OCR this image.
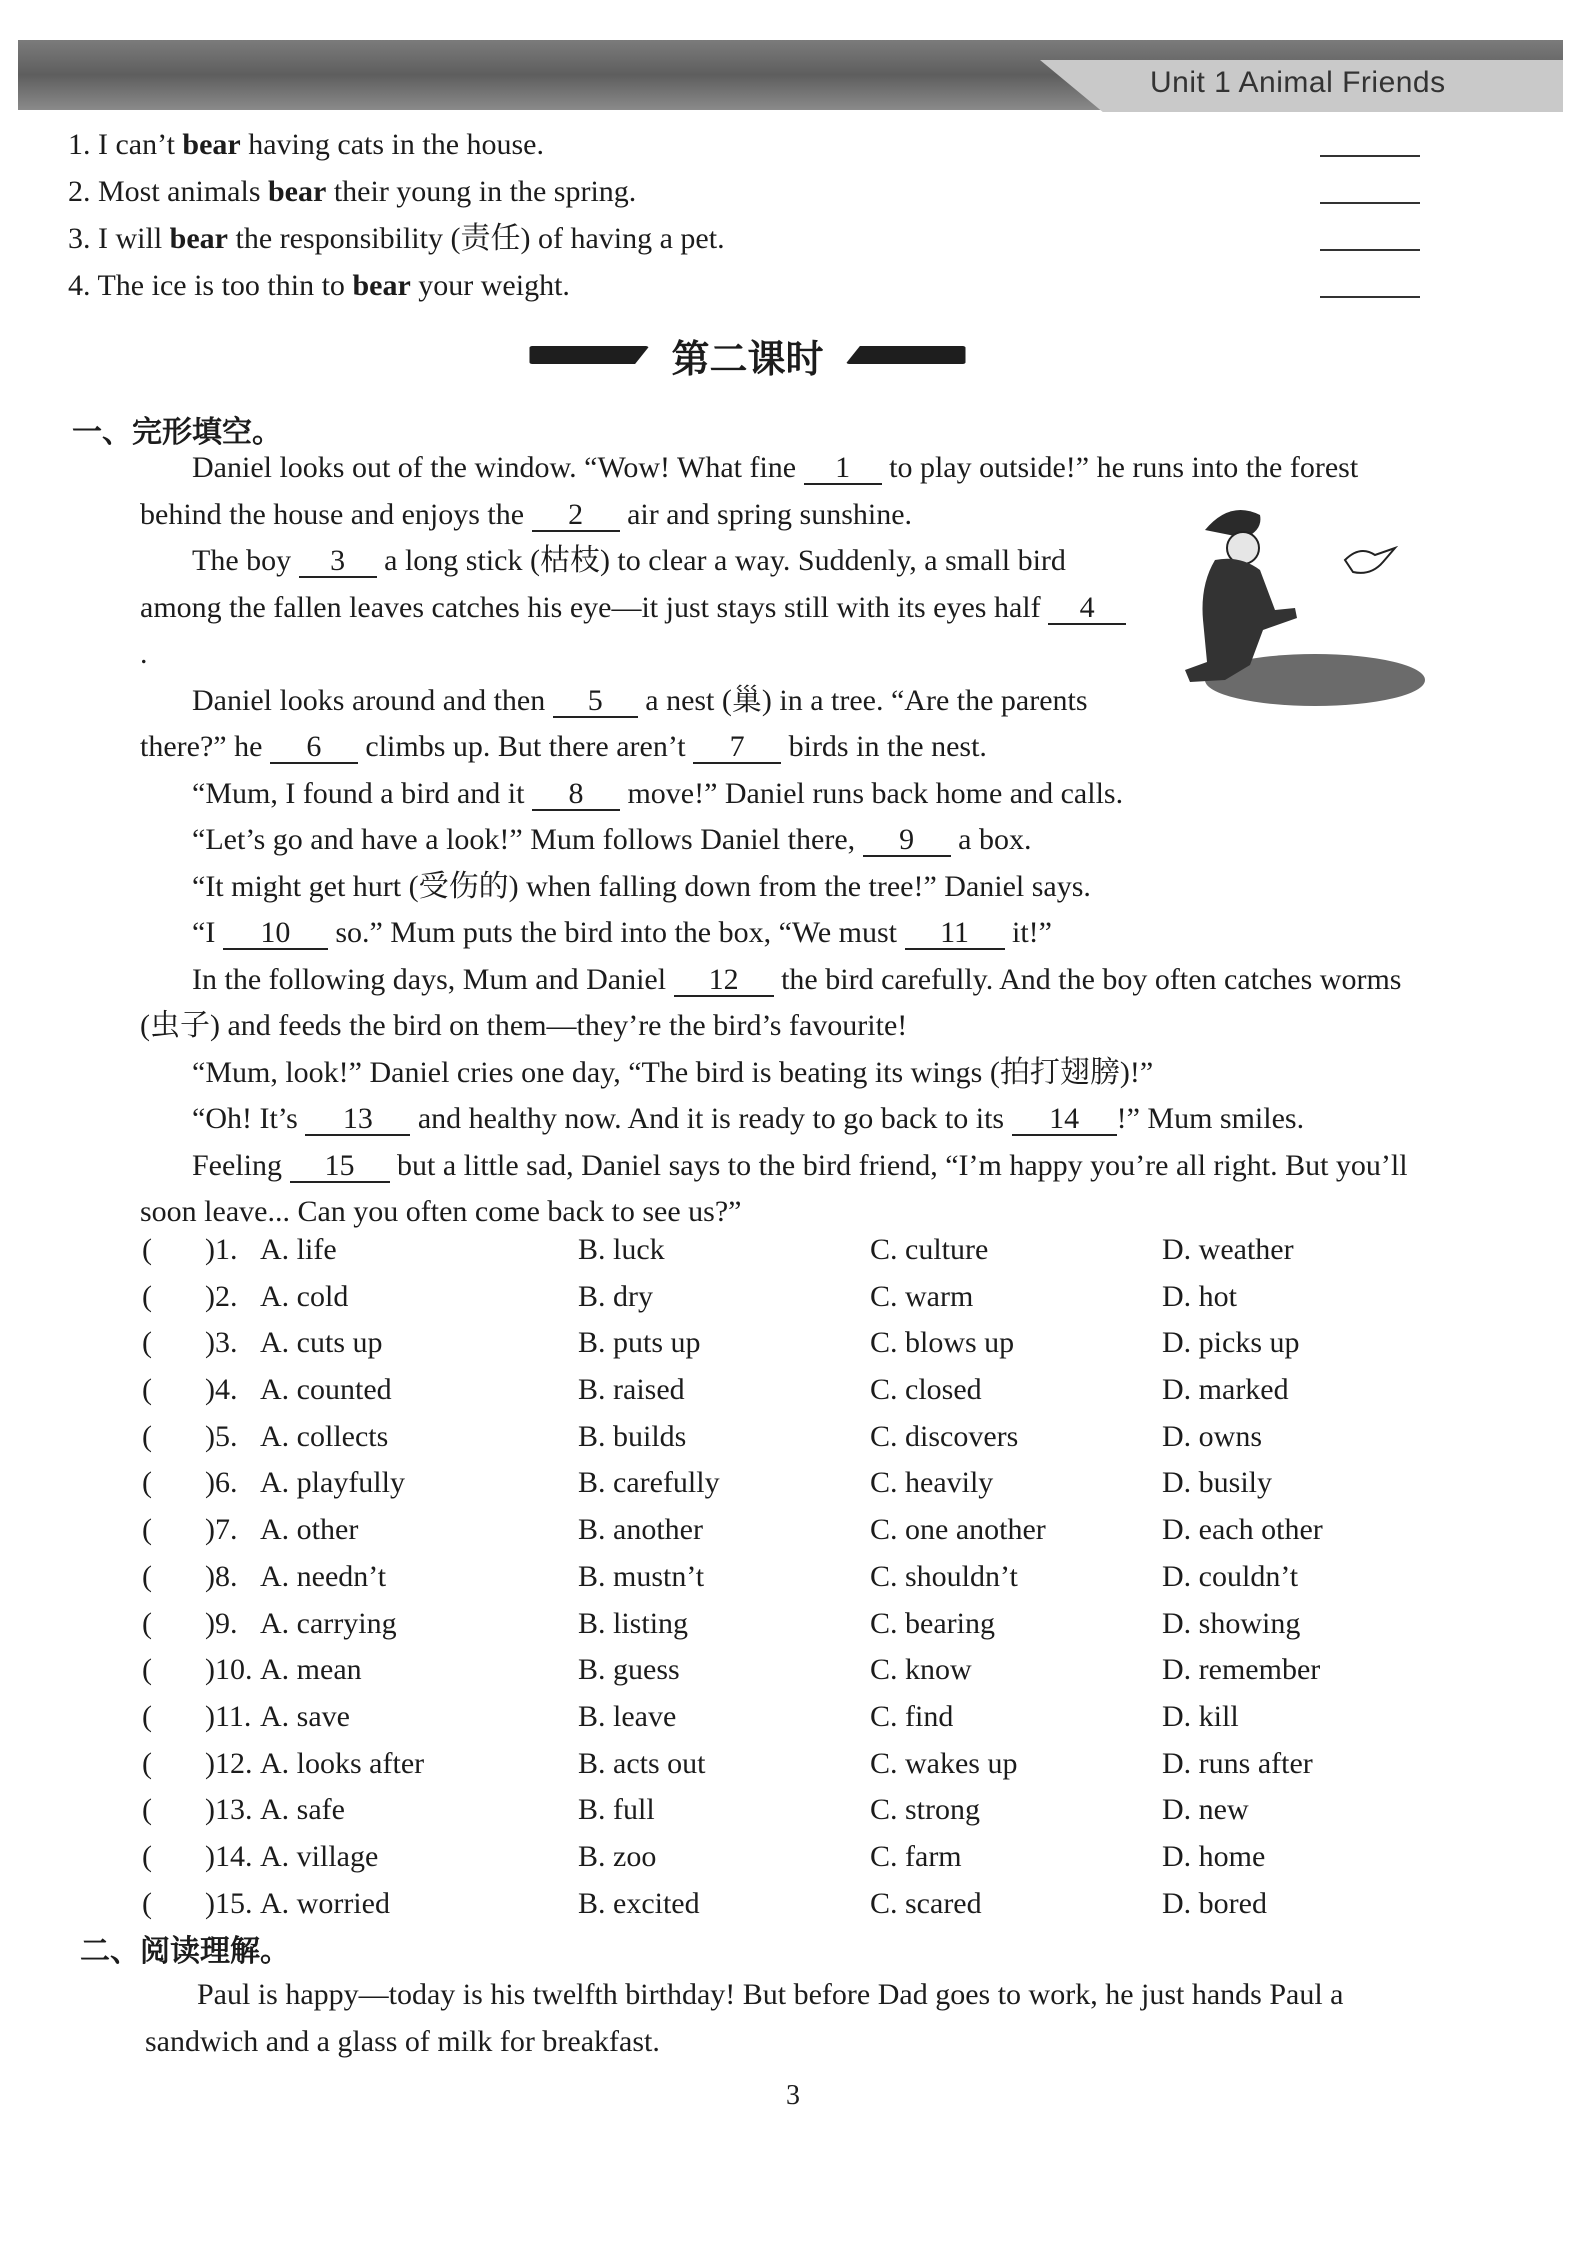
Unit 1 Animal Friends
1. I can’t bear having cats in the house.
2. Most animals bear their young in the spring.
3. I will bear the responsibility (责任) of having a pet.
4. The ice is too thin to bear your weight.
第二课时
一、完形填空。

Daniel looks out of the window. “Wow! What fine 1 to play outside!” he runs into the forest behind the house and enjoys the 2 air and spring sunshine.

The boy 3 a long stick (枯枝) to clear a way. Suddenly, a small bird among the fallen leaves catches his eye—it just stays still with its eyes half 4.

Daniel looks around and then 5 a nest (巢) in a tree. “Are the parents there?” he 6 climbs up. But there aren’t 7 birds in the nest.

“Mum, I found a bird and it 8 move!” Daniel runs back home and calls.

“Let’s go and have a look!” Mum follows Daniel there, 9 a box.

“It might get hurt (受伤的) when falling down from the tree!” Daniel says.

“I 10 so.” Mum puts the bird into the box, “We must 11 it!”

In the following days, Mum and Daniel 12 the bird carefully. And the boy often catches worms (虫子) and feeds the bird on them—they’re the bird’s favourite!

“Mum, look!” Daniel cries one day, “The bird is beating its wings (拍打翅膀)!”

“Oh! It’s 13 and healthy now. And it is ready to go back to its 14 !” Mum smiles.

Feeling 15 but a little sad, Daniel says to the bird friend, “I’m happy you’re all right. But you’ll soon leave... Can you often come back to see us?”

( )1. A. life	B. luck	C. culture	D. weather
( )2. A. cold	B. dry	C. warm	D. hot
( )3. A. cuts up	B. puts up	C. blows up	D. picks up
( )4. A. counted	B. raised	C. closed	D. marked
( )5. A. collects	B. builds	C. discovers	D. owns
( )6. A. playfully	B. carefully	C. heavily	D. busily
( )7. A. other	B. another	C. one another	D. each other
( )8. A. needn’t	B. mustn’t	C. shouldn’t	D. couldn’t
( )9. A. carrying	B. listing	C. bearing	D. showing
( )10. A. mean	B. guess	C. know	D. remember
( )11. A. save	B. leave	C. find	D. kill
( )12. A. looks after	B. acts out	C. wakes up	D. runs after
( )13. A. safe	B. full	C. strong	D. new
( )14. A. village	B. zoo	C. farm	D. home
( )15. A. worried	B. excited	C. scared	D. bored
二、阅读理解。

Paul is happy—today is his twelfth birthday! But before Dad goes to work, he just hands Paul a sandwich and a glass of milk for breakfast.

3
